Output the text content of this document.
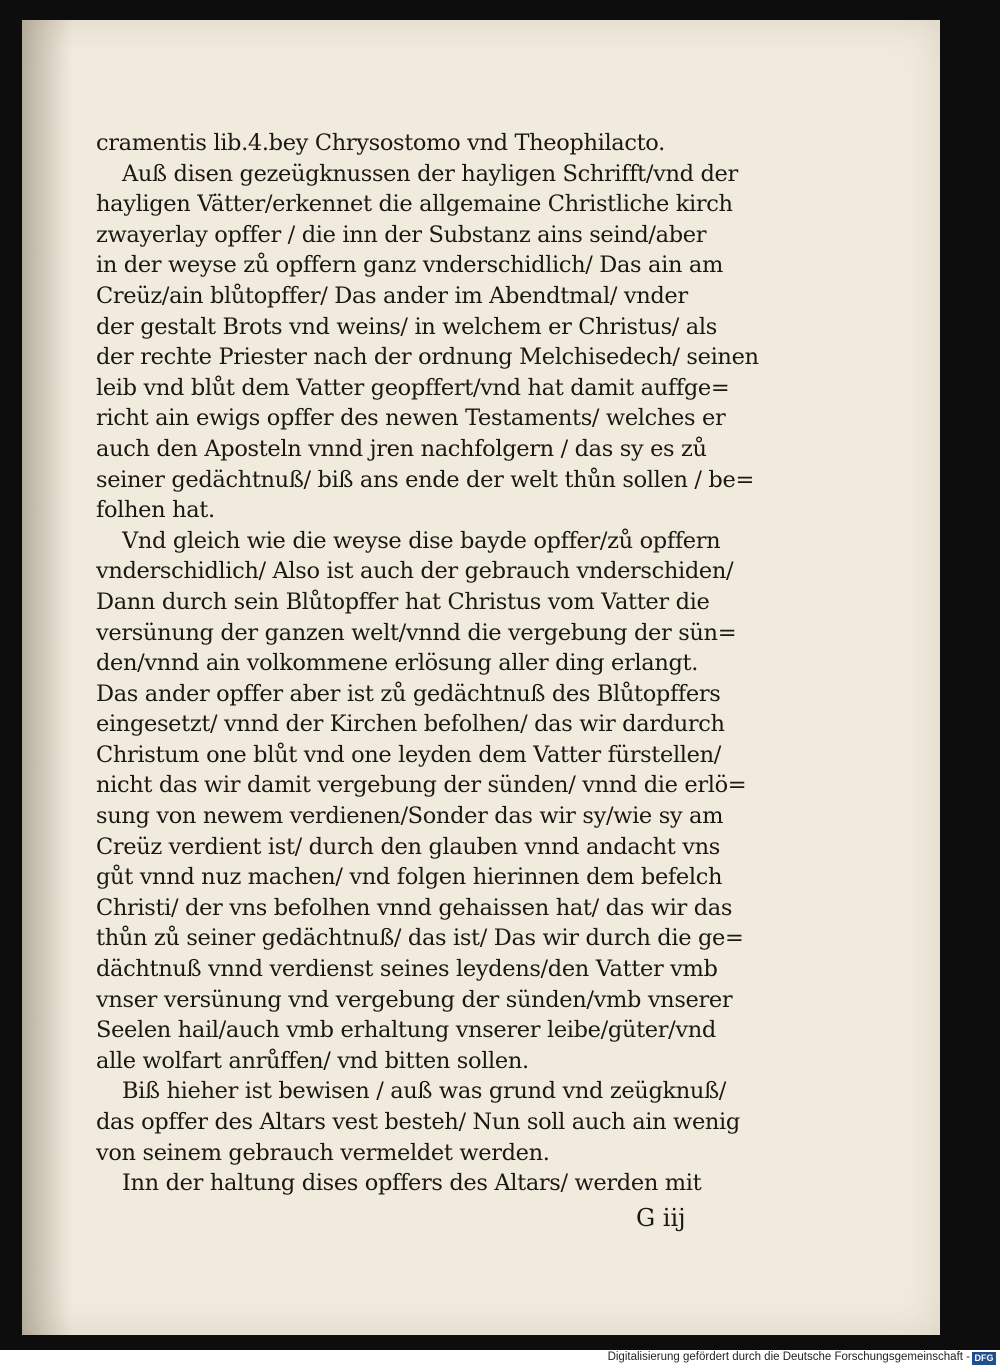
cramentis lib.4.bey Chrysostomo vnd Theophilacto.
Auß disen gezeügknussen der hayligen Schrifft/vnd der
hayligen Vätter/erkennet die allgemaine Christliche kirch
zwayerlay opffer / die inn der Substanz ains seind/aber
in der weyse zů opffern ganz vnderschidlich/ Das ain am
Creüz/ain blůtopffer/ Das ander im Abendtmal/ vnder
der gestalt Brots vnd weins/ in welchem er Christus/ als
der rechte Priester nach der ordnung Melchisedech/ seinen
leib vnd blůt dem Vatter geopffert/vnd hat damit auffge=
richt ain ewigs opffer des newen Testaments/ welches er
auch den Aposteln vnnd jren nachfolgern / das sy es zů
seiner gedächtnuß/ biß ans ende der welt thůn sollen / be=
folhen hat.
Vnd gleich wie die weyse dise bayde opffer/zů opffern
vnderschidlich/ Also ist auch der gebrauch vnderschiden/
Dann durch sein Blůtopffer hat Christus vom Vatter die
versünung der ganzen welt/vnnd die vergebung der sün=
den/vnnd ain volkommene erlösung aller ding erlangt.
Das ander opffer aber ist zů gedächtnuß des Blůtopffers
eingesetzt/ vnnd der Kirchen befolhen/ das wir dardurch
Christum one blůt vnd one leyden dem Vatter fürstellen/
nicht das wir damit vergebung der sünden/ vnnd die erlö=
sung von newem verdienen/Sonder das wir sy/wie sy am
Creüz verdient ist/ durch den glauben vnnd andacht vns
gůt vnnd nuz machen/ vnd folgen hierinnen dem befelch
Christi/ der vns befolhen vnnd gehaissen hat/ das wir das
thůn zů seiner gedächtnuß/ das ist/ Das wir durch die ge=
dächtnuß vnnd verdienst seines leydens/den Vatter vmb
vnser versünung vnd vergebung der sünden/vmb vnserer
Seelen hail/auch vmb erhaltung vnserer leibe/güter/vnd
alle wolfart anrůffen/ vnd bitten sollen.
Biß hieher ist bewisen / auß was grund vnd zeügknuß/
das opffer des Altars vest besteh/ Nun soll auch ain wenig
von seinem gebrauch vermeldet werden.
Inn der haltung dises opffers des Altars/ werden mit
G iij
Digitalisierung gefördert durch die Deutsche Forschungsgemeinschaft - DFG
